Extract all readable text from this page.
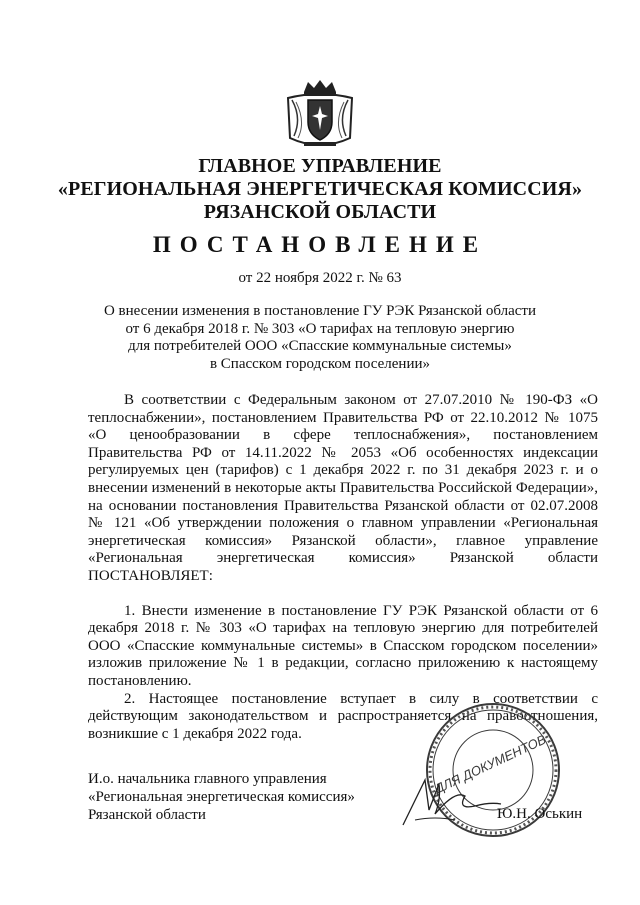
ГЛАВНОЕ УПРАВЛЕНИЕ
«РЕГИОНАЛЬНАЯ ЭНЕРГЕТИЧЕСКАЯ КОМИССИЯ»
РЯЗАНСКОЙ ОБЛАСТИ
ПОСТАНОВЛЕНИЕ
от 22 ноября 2022 г. № 63
О внесении изменения в постановление ГУ РЭК Рязанской области
от 6 декабря 2018 г. № 303 «О тарифах на тепловую энергию
для потребителей ООО «Спасские коммунальные системы»
в Спасском городском поселении»

В соответствии с Федеральным законом от 27.07.2010 № 190-ФЗ «О теплоснабжении», постановлением Правительства РФ от 22.10.2012 № 1075 «О ценообразовании в сфере теплоснабжения», постановлением Правительства РФ от 14.11.2022 № 2053 «Об особенностях индексации регулируемых цен (тарифов) с 1 декабря 2022 г. по 31 декабря 2023 г. и о внесении изменений в некоторые акты Правительства Российской Федерации», на основании постановления Правительства Рязанской области от 02.07.2008 № 121 «Об утверждении положения о главном управлении «Региональная энергетическая комиссия» Рязанской области», главное управление «Региональная энергетическая комиссия» Рязанской области ПОСТАНОВЛЯЕТ:

1. Внести изменение в постановление ГУ РЭК Рязанской области от 6 декабря 2018 г. № 303 «О тарифах на тепловую энергию для потребителей ООО «Спасские коммунальные системы» в Спасском городском поселении» изложив приложение № 1 в редакции, согласно приложению к настоящему постановлению.

2. Настоящее постановление вступает в силу в соответствии с действующим законодательством и распространяется на правоотношения, возникшие с 1 декабря 2022 года.

И.о. начальника главного управления
«Региональная энергетическая комиссия»
Рязанской области
ДЛЯ ДОКУМЕНТОВ
Ю.Н. Оськин
